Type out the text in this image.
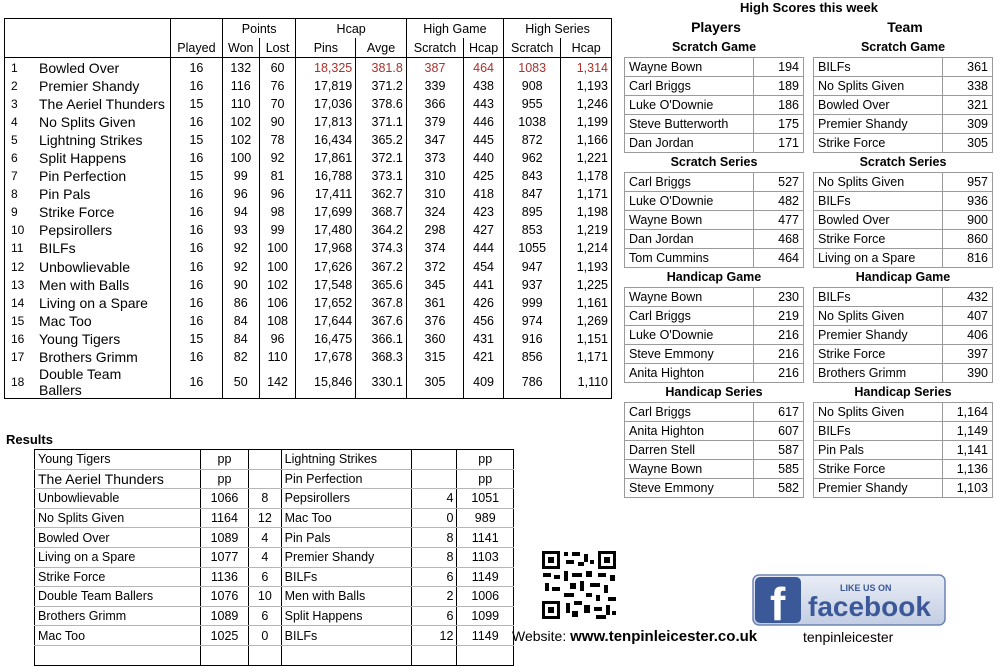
			Points		Hcap		High Game		High Series	
		Played	Won	Lost	Pins	Avge	Scratch	Hcap	Scratch	Hcap
1	Bowled Over	16	132	60	18,325	381.8	387	464	1083	1,314
2	Premier Shandy	16	116	76	17,819	371.2	339	438	908	1,193
3	The Aeriel Thunders	15	110	70	17,036	378.6	366	443	955	1,246
4	No Splits Given	16	102	90	17,813	371.1	379	446	1038	1,199
5	Lightning Strikes	15	102	78	16,434	365.2	347	445	872	1,166
6	Split Happens	16	100	92	17,861	372.1	373	440	962	1,221
7	Pin Perfection	15	99	81	16,788	373.1	310	425	843	1,178
8	Pin Pals	16	96	96	17,411	362.7	310	418	847	1,171
9	Strike Force	16	94	98	17,699	368.7	324	423	895	1,198
10	Pepsirollers	16	93	99	17,480	364.2	298	427	853	1,219
11	BILFs	16	92	100	17,968	374.3	374	444	1055	1,214
12	Unbowlievable	16	92	100	17,626	367.2	372	454	947	1,193
13	Men with Balls	16	90	102	17,548	365.6	345	441	937	1,225
14	Living on a Spare	16	86	106	17,652	367.8	361	426	999	1,161
15	Mac Too	16	84	108	17,644	367.6	376	456	974	1,269
16	Young Tigers	15	84	96	16,475	366.1	360	431	916	1,151
17	Brothers Grimm	16	82	110	17,678	368.3	315	421	856	1,171
18	Double Team Ballers	16	50	142	15,846	330.1	305	409	786	1,110
High Scores this week
Players	Team
Scratch Game
Wayne Bown	194
Carl Briggs	189
Luke O'Downie	186
Steve Butterworth	175
Dan Jordan	171
Scratch Series
Carl Briggs	527
Luke O'Downie	482
Wayne Bown	477
Dan Jordan	468
Tom Cummins	464
Handicap Game
Wayne Bown	230
Carl Briggs	219
Luke O'Downie	216
Steve Emmony	216
Anita Highton	216
Handicap Series
Carl Briggs	617
Anita Highton	607
Darren Stell	587
Wayne Bown	585
Steve Emmony	582
Scratch Game
BILFs	361
No Splits Given	338
Bowled Over	321
Premier Shandy	309
Strike Force	305
Scratch Series
No Splits Given	957
BILFs	936
Bowled Over	900
Strike Force	860
Living on a Spare	816
Handicap Game
BILFs	432
No Splits Given	407
Premier Shandy	406
Strike Force	397
Brothers Grimm	390
Handicap Series
No Splits Given	1,164
BILFs	1,149
Pin Pals	1,141
Strike Force	1,136
Premier Shandy	1,103
Results
Young Tigers	pp		Lightning Strikes		pp
The Aeriel Thunders	pp		Pin Perfection		pp
Unbowlievable	1066	8	Pepsirollers	4	1051
No Splits Given	1164	12	Mac Too	0	989
Bowled Over	1089	4	Pin Pals	8	1141
Living on a Spare	1077	4	Premier Shandy	8	1103
Strike Force	1136	6	BILFs	6	1149
Double Team Ballers	1076	10	Men with Balls	2	1006
Brothers Grimm	1089	6	Split Happens	6	1099
Mac Too	1025	0	BILFs	12	1149
					Website: www.tenpinleicester.co.uk
f	LIKE US ON
facebook
tenpinleicester
